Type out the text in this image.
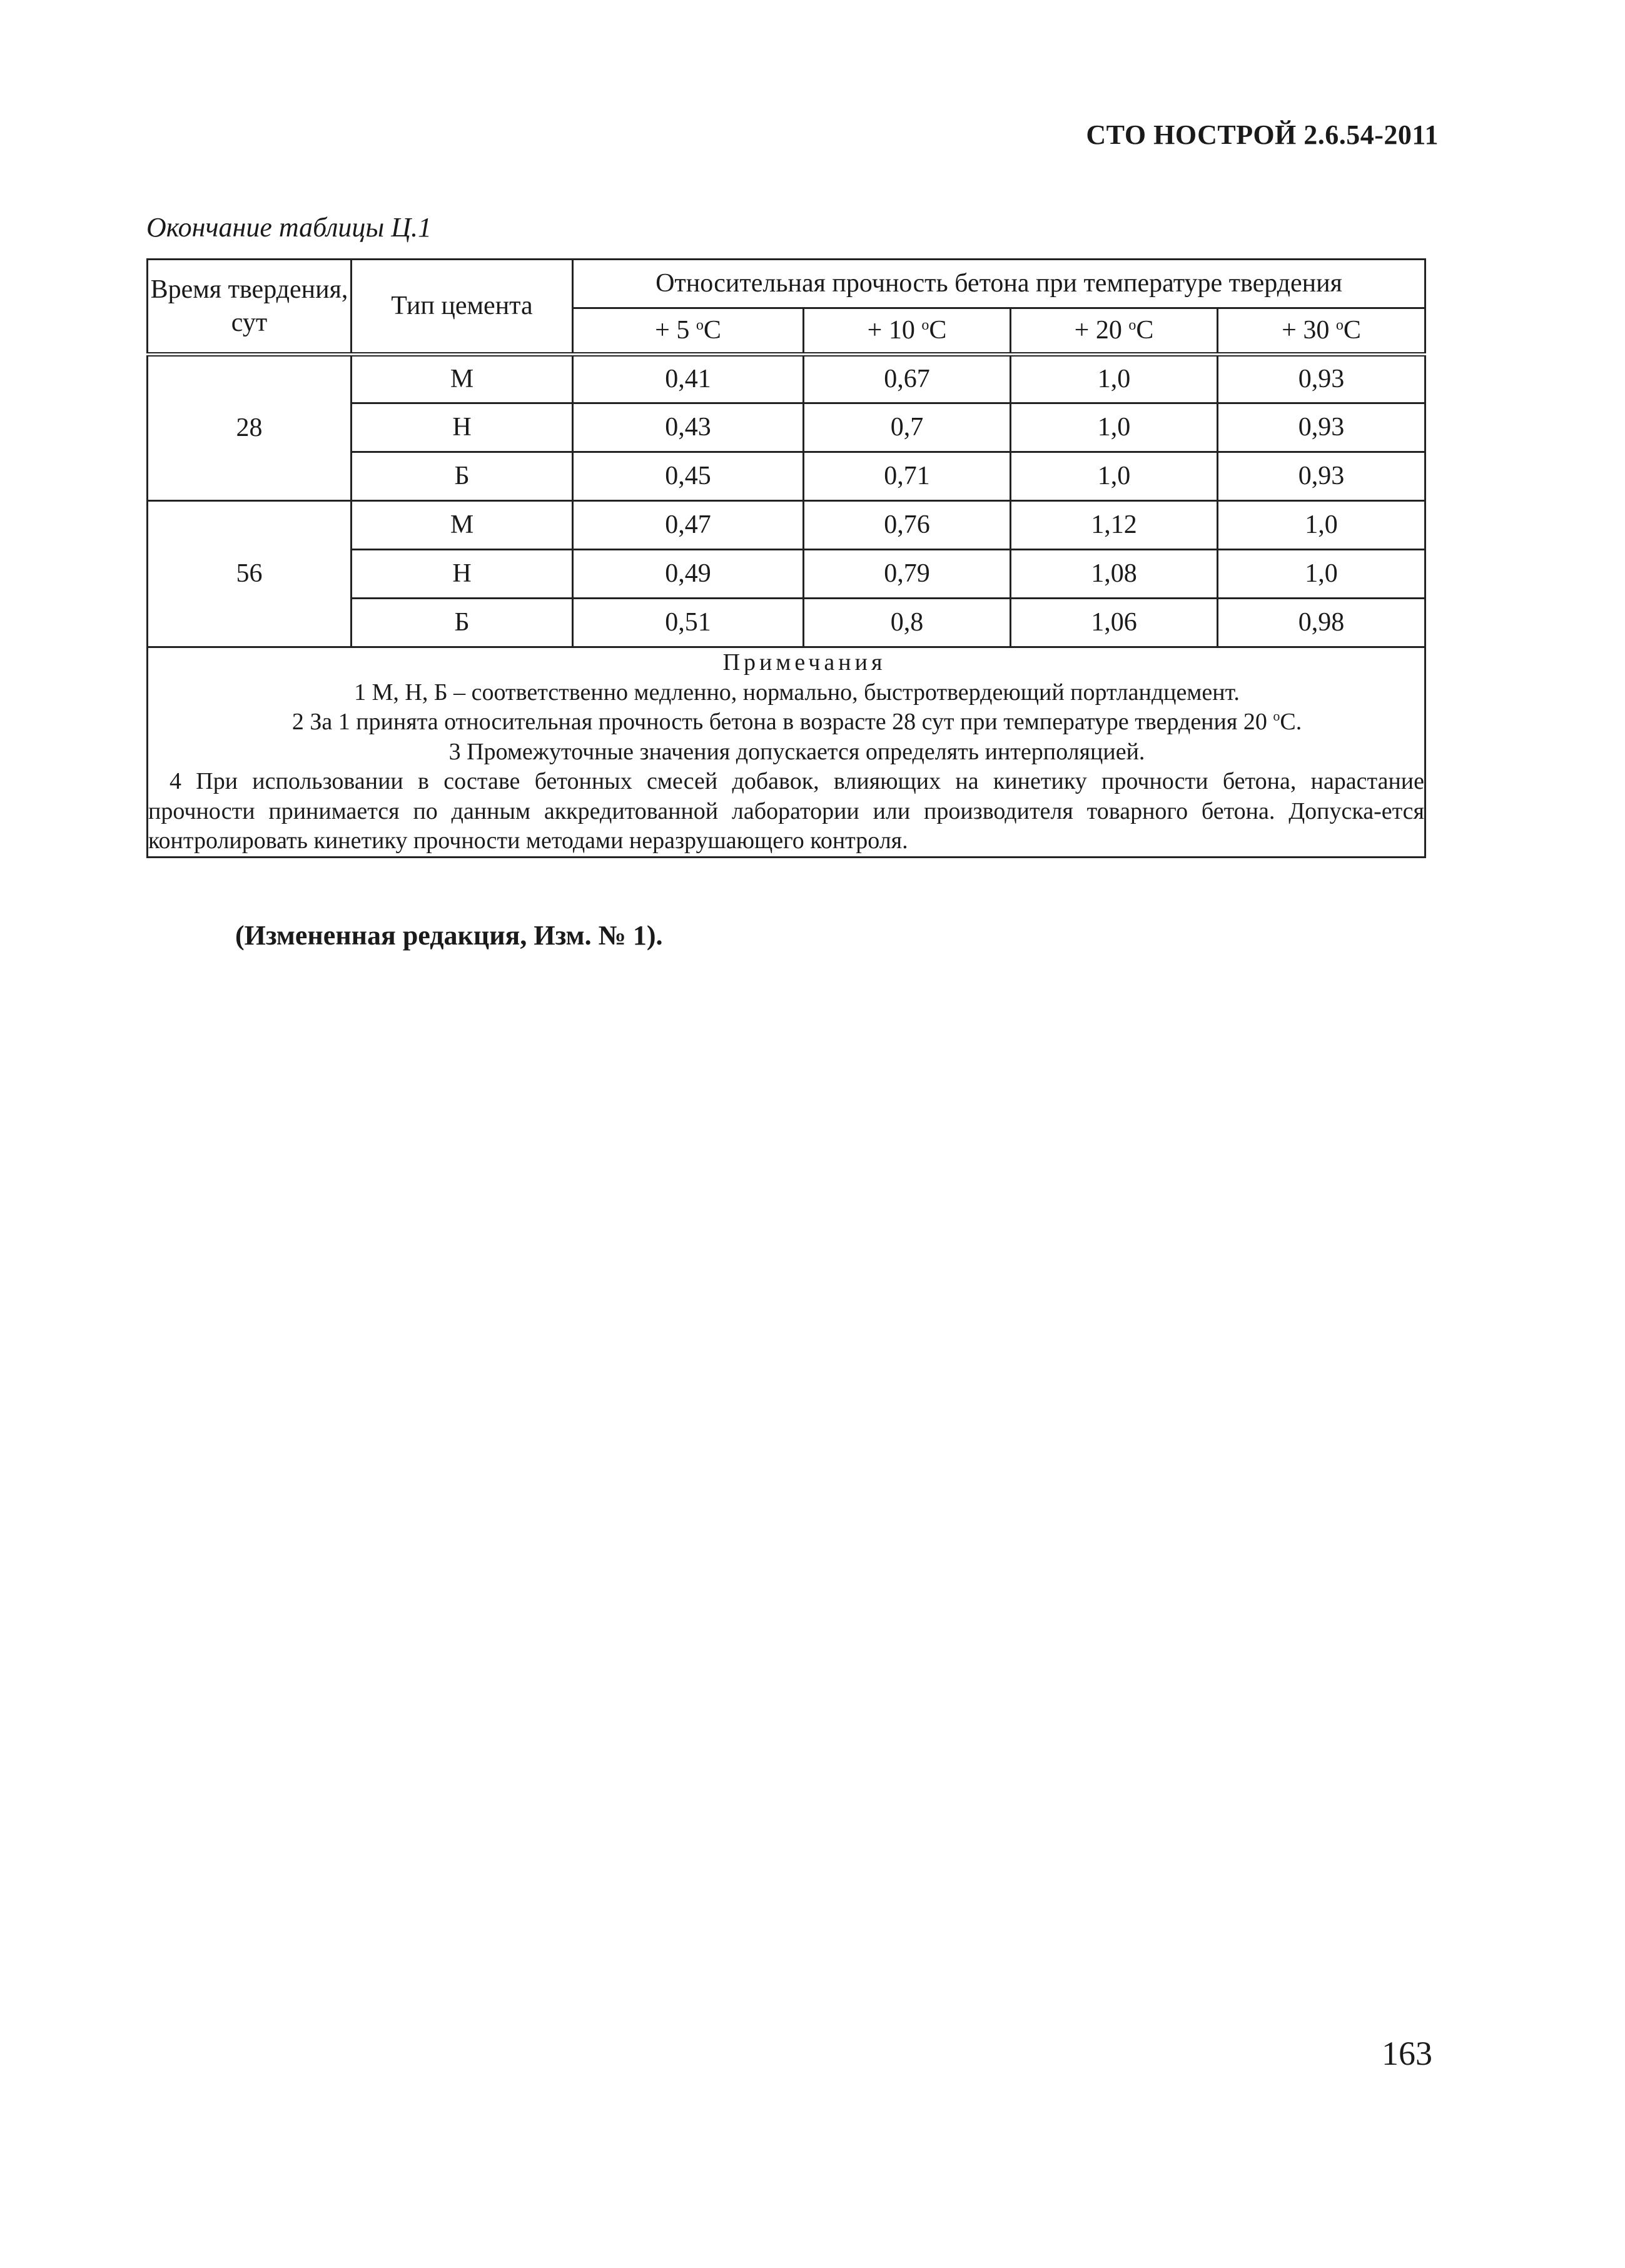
СТО НОСТРОЙ 2.6.54-2011
Окончание таблицы Ц.1
Время твердения, сут	Тип цемента	Относительная прочность бетона при температуре твердения			
		+ 5 $^o$С	+ 10 $^o$С	+ 20 $^o$С	+ 30 $^o$С
28	М	0,41	0,67	1,0	0,93
	Н	0,43	0,7	1,0	0,93
	Б	0,45	0,71	1,0	0,93
56	М	0,47	0,76	1,12	1,0
	Н	0,49	0,79	1,08	1,0
	Б	0,51	0,8	1,06	0,98

Примечания
1 М, Н, Б – соответственно медленно, нормально, быстротвердеющий портландцемент.
2 За 1 принята относительная прочность бетона в возрасте 28 сут при температуре твердения 20 $^o$С.
3 Промежуточные значения допускается определять интерполяцией.
4 При использовании в составе бетонных смесей добавок, влияющих на кинетику прочности бетона, нарастание прочности принимается по данным аккредитованной лаборатории или производителя товарного бетона. Допуска-ется контролировать кинетику прочности методами неразрушающего контроля.					
(Измененная редакция, Изм. № 1).
163
